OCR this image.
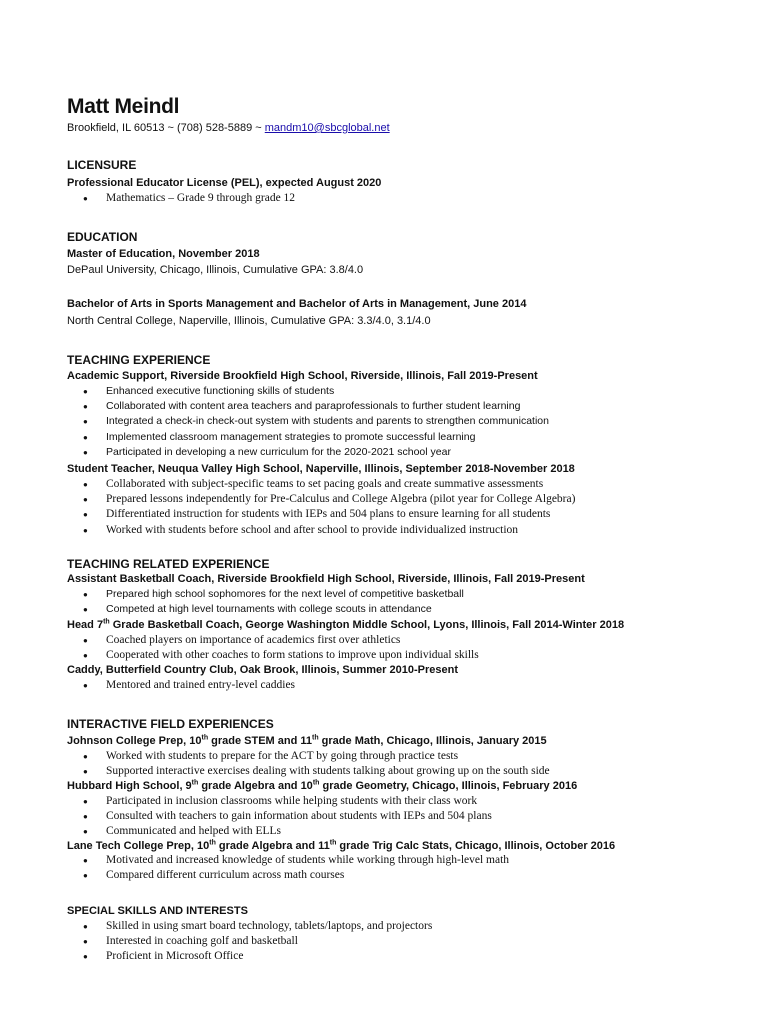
Matt Meindl
Brookfield, IL 60513 ~ (708) 528-5889 ~ mandm10@sbcglobal.net
LICENSURE
Professional Educator License (PEL), expected August 2020
● Mathematics – Grade 9 through grade 12
EDUCATION
Master of Education, November 2018
DePaul University, Chicago, Illinois, Cumulative GPA: 3.8/4.0
Bachelor of Arts in Sports Management and Bachelor of Arts in Management, June 2014
North Central College, Naperville, Illinois, Cumulative GPA: 3.3/4.0, 3.1/4.0
TEACHING EXPERIENCE
Academic Support, Riverside Brookfield High School, Riverside, Illinois, Fall 2019-Present
● Enhanced executive functioning skills of students
● Collaborated with content area teachers and paraprofessionals to further student learning
● Integrated a check-in check-out system with students and parents to strengthen communication
● Implemented classroom management strategies to promote successful learning
● Participated in developing a new curriculum for the 2020-2021 school year
Student Teacher, Neuqua Valley High School, Naperville, Illinois, September 2018-November 2018
● Collaborated with subject-specific teams to set pacing goals and create summative assessments
● Prepared lessons independently for Pre-Calculus and College Algebra (pilot year for College Algebra)
● Differentiated instruction for students with IEPs and 504 plans to ensure learning for all students
● Worked with students before school and after school to provide individualized instruction
TEACHING RELATED EXPERIENCE
Assistant Basketball Coach, Riverside Brookfield High School, Riverside, Illinois, Fall 2019-Present
● Prepared high school sophomores for the next level of competitive basketball
● Competed at high level tournaments with college scouts in attendance
Head 7th Grade Basketball Coach, George Washington Middle School, Lyons, Illinois, Fall 2014-Winter 2018
● Coached players on importance of academics first over athletics
● Cooperated with other coaches to form stations to improve upon individual skills
Caddy, Butterfield Country Club, Oak Brook, Illinois, Summer 2010-Present
● Mentored and trained entry-level caddies
INTERACTIVE FIELD EXPERIENCES
Johnson College Prep, 10th grade STEM and 11th grade Math, Chicago, Illinois, January 2015
● Worked with students to prepare for the ACT by going through practice tests
● Supported interactive exercises dealing with students talking about growing up on the south side
Hubbard High School, 9th grade Algebra and 10th grade Geometry, Chicago, Illinois, February 2016
● Participated in inclusion classrooms while helping students with their class work
● Consulted with teachers to gain information about students with IEPs and 504 plans
● Communicated and helped with ELLs
Lane Tech College Prep, 10th grade Algebra and 11th grade Trig Calc Stats, Chicago, Illinois, October 2016
● Motivated and increased knowledge of students while working through high-level math
● Compared different curriculum across math courses
SPECIAL SKILLS AND INTERESTS
● Skilled in using smart board technology, tablets/laptops, and projectors
● Interested in coaching golf and basketball
● Proficient in Microsoft Office
